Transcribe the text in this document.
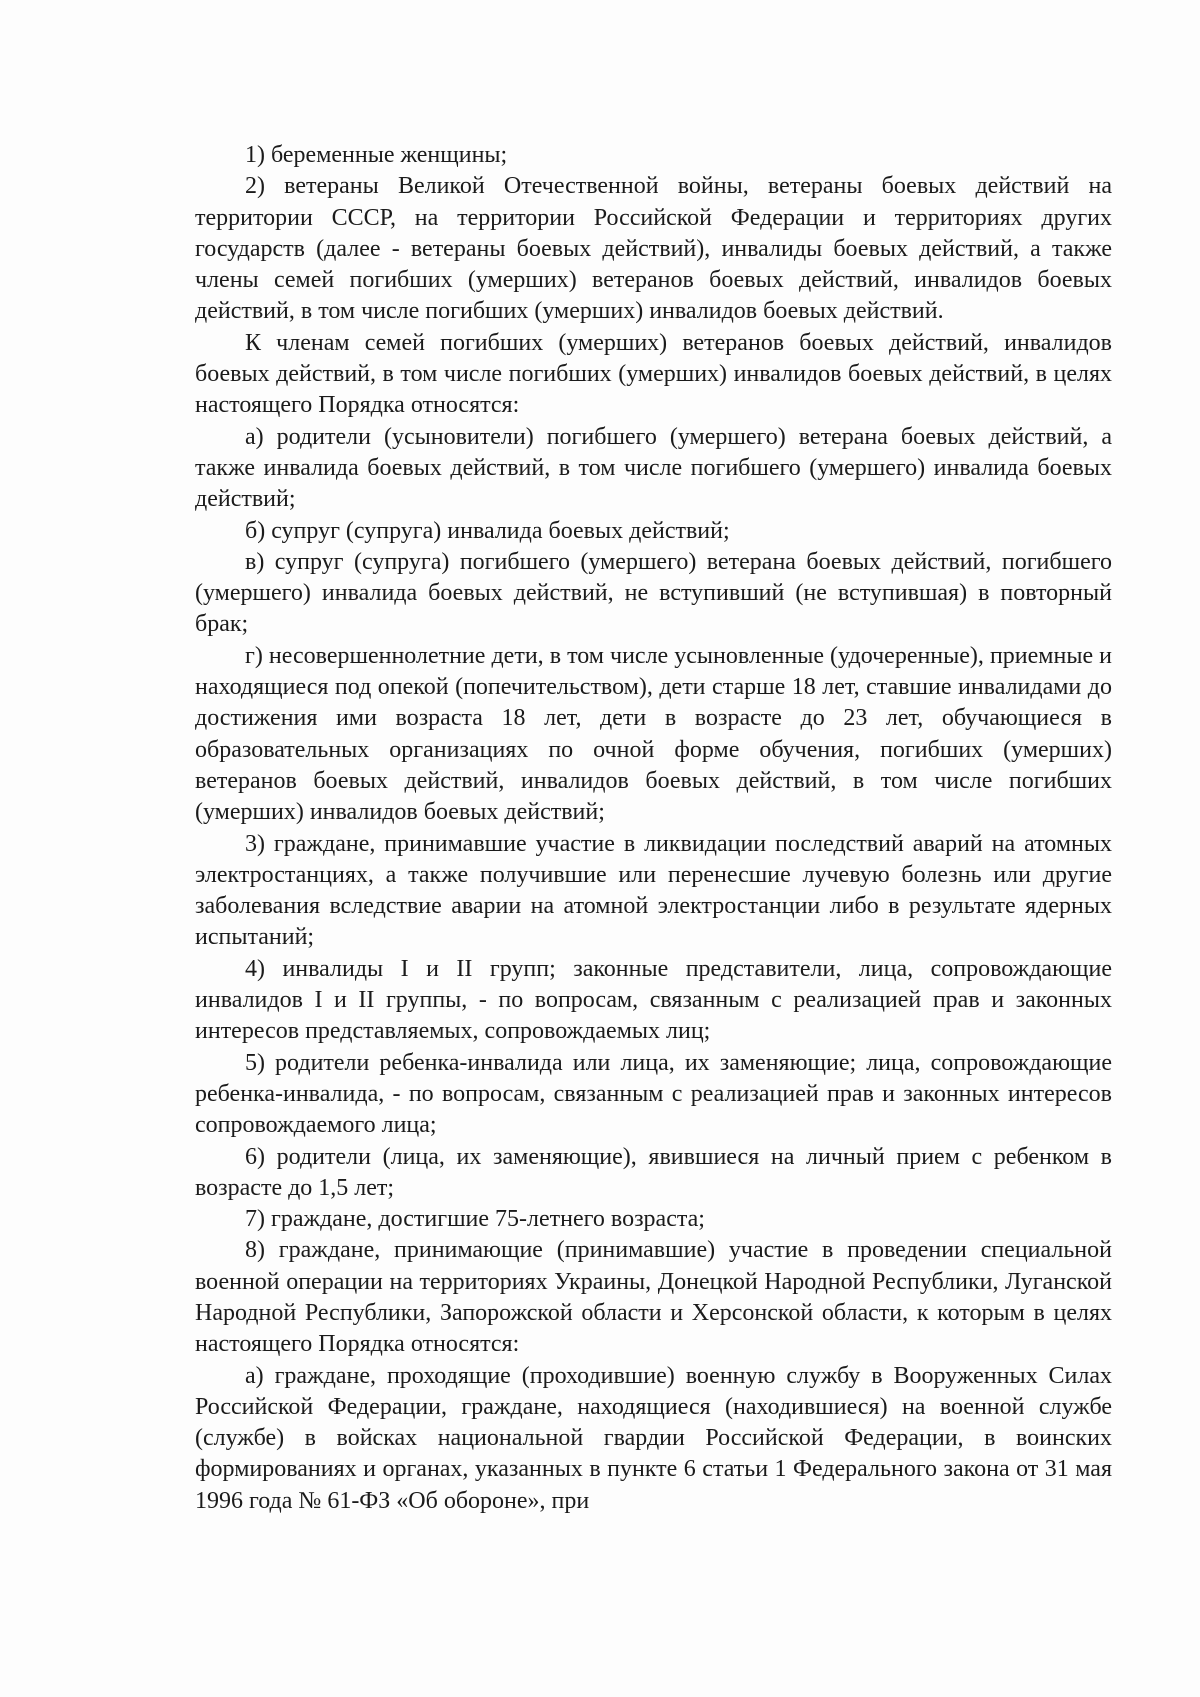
1) беременные женщины;

2) ветераны Великой Отечественной войны, ветераны боевых действий на территории СССР, на территории Российской Федерации и территориях других государств (далее - ветераны боевых действий), инвалиды боевых действий, а также члены семей погибших (умерших) ветеранов боевых действий, инвалидов боевых действий, в том числе погибших (умерших) инвалидов боевых действий.

К членам семей погибших (умерших) ветеранов боевых действий, инвалидов боевых действий, в том числе погибших (умерших) инвалидов боевых действий, в целях настоящего Порядка относятся:

а) родители (усыновители) погибшего (умершего) ветерана боевых действий, а также инвалида боевых действий, в том числе погибшего (умершего) инвалида боевых действий;

б) супруг (супруга) инвалида боевых действий;

в) супруг (супруга) погибшего (умершего) ветерана боевых действий, погибшего (умершего) инвалида боевых действий, не вступивший (не вступившая) в повторный брак;

г) несовершеннолетние дети, в том числе усыновленные (удочеренные), приемные и находящиеся под опекой (попечительством), дети старше 18 лет, ставшие инвалидами до достижения ими возраста 18 лет, дети в возрасте до 23 лет, обучающиеся в образовательных организациях по очной форме обучения, погибших (умерших) ветеранов боевых действий, инвалидов боевых действий, в том числе погибших (умерших) инвалидов боевых действий;

3) граждане, принимавшие участие в ликвидации последствий аварий на атомных электростанциях, а также получившие или перенесшие лучевую болезнь или другие заболевания вследствие аварии на атомной электростанции либо в результате ядерных испытаний;

4) инвалиды I и II групп; законные представители, лица, сопровождающие инвалидов I и II группы, - по вопросам, связанным с реализацией прав и законных интересов представляемых, сопровождаемых лиц;

5) родители ребенка-инвалида или лица, их заменяющие; лица, сопровождающие ребенка-инвалида, - по вопросам, связанным с реализацией прав и законных интересов сопровождаемого лица;

6) родители (лица, их заменяющие), явившиеся на личный прием с ребенком в возрасте до 1,5 лет;

7) граждане, достигшие 75-летнего возраста;

8) граждане, принимающие (принимавшие) участие в проведении специальной военной операции на территориях Украины, Донецкой Народной Республики, Луганской Народной Республики, Запорожской области и Херсонской области, к которым в целях настоящего Порядка относятся:

а) граждане, проходящие (проходившие) военную службу в Вооруженных Силах Российской Федерации, граждане, находящиеся (находившиеся) на военной службе (службе) в войсках национальной гвардии Российской Федерации, в воинских формированиях и органах, указанных в пункте 6 статьи 1 Федерального закона от 31 мая 1996 года № 61-ФЗ «Об обороне», при
